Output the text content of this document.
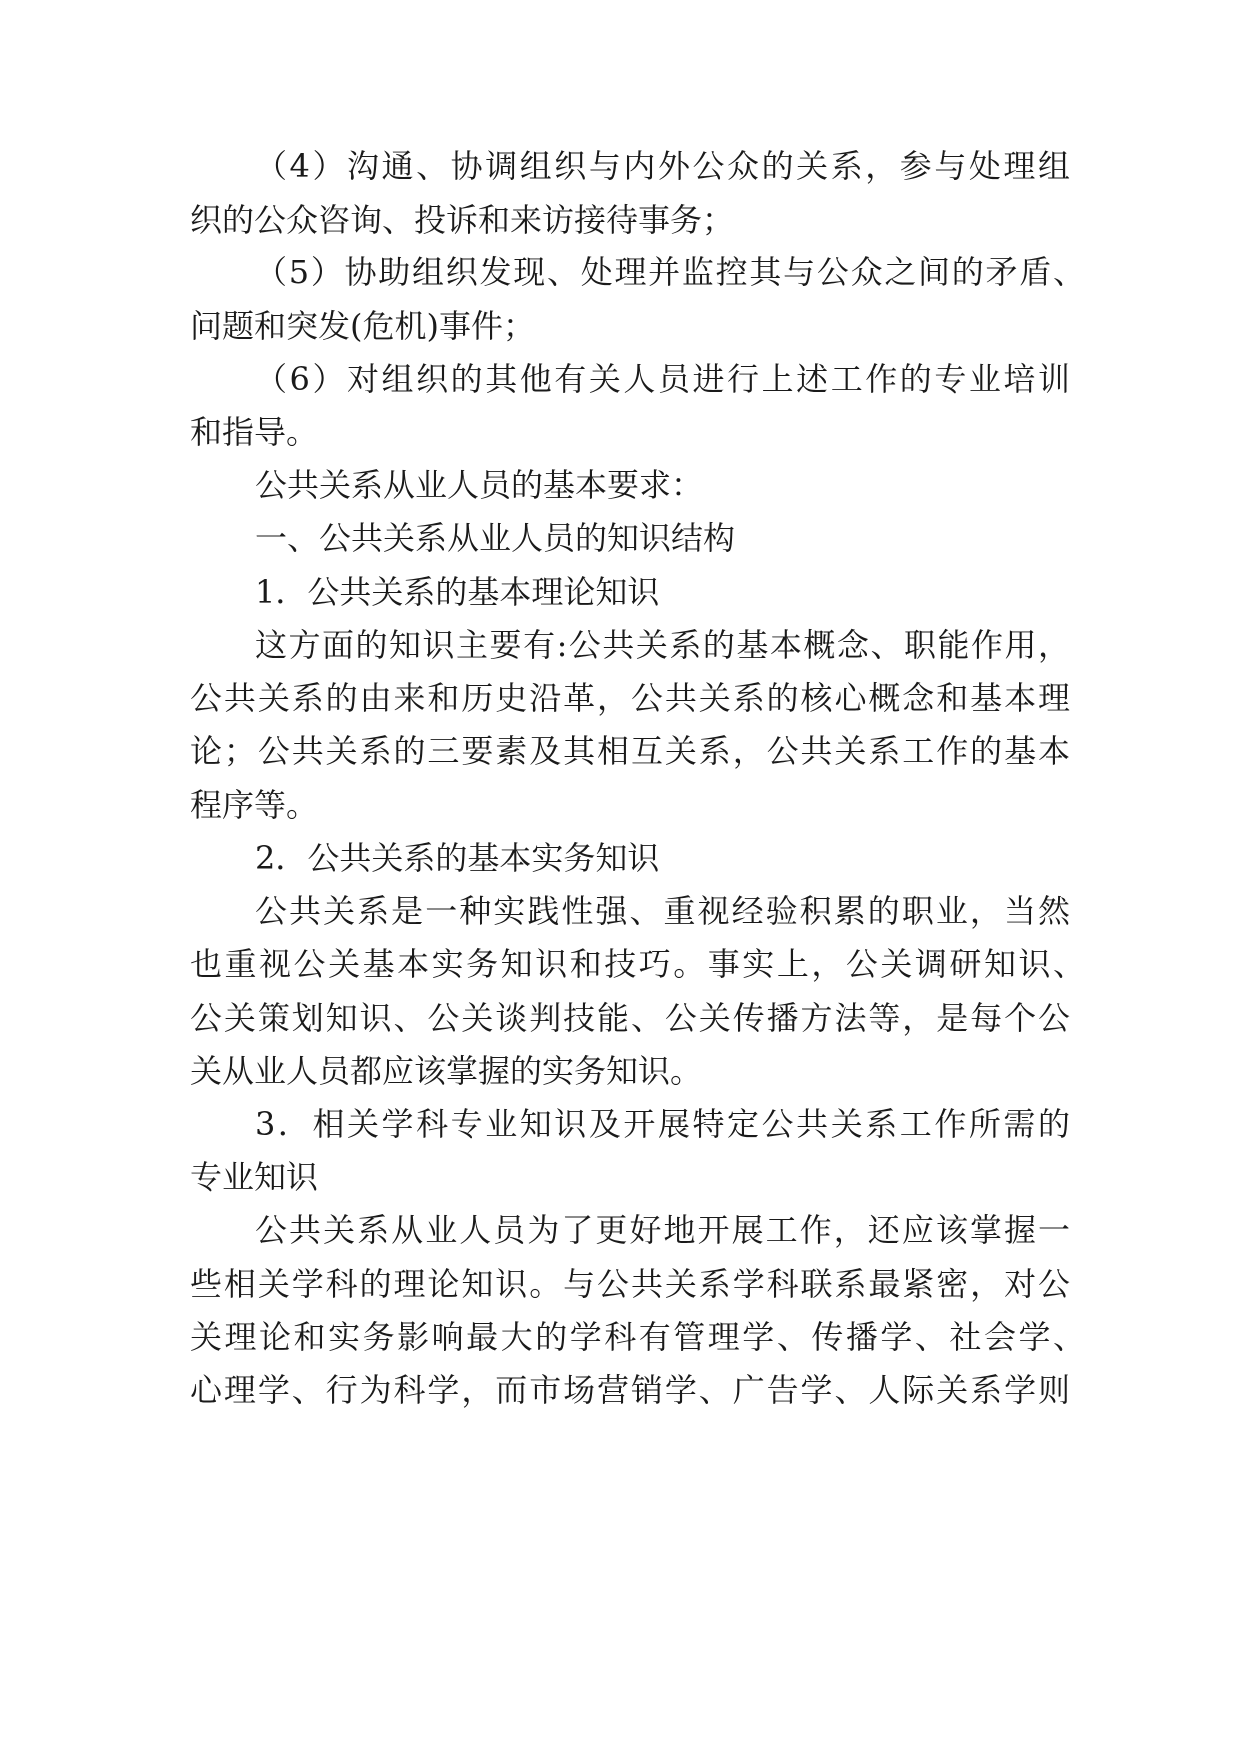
（4）沟通、协调组织与内外公众的关系，参与处理组
织的公众咨询、投诉和来访接待事务；
（5）协助组织发现、处理并监控其与公众之间的矛盾、
问题和突发(危机)事件；
（6）对组织的其他有关人员进行上述工作的专业培训
和指导。
公共关系从业人员的基本要求：
一、公共关系从业人员的知识结构
1．公共关系的基本理论知识
这方面的知识主要有:公共关系的基本概念、职能作用，
公共关系的由来和历史沿革，公共关系的核心概念和基本理
论；公共关系的三要素及其相互关系，公共关系工作的基本
程序等。
2．公共关系的基本实务知识
公共关系是一种实践性强、重视经验积累的职业，当然
也重视公关基本实务知识和技巧。事实上，公关调研知识、
公关策划知识、公关谈判技能、公关传播方法等，是每个公
关从业人员都应该掌握的实务知识。
3．相关学科专业知识及开展特定公共关系工作所需的
专业知识
公共关系从业人员为了更好地开展工作，还应该掌握一
些相关学科的理论知识。与公共关系学科联系最紧密，对公
关理论和实务影响最大的学科有管理学、传播学、社会学、
心理学、行为科学，而市场营销学、广告学、人际关系学则
